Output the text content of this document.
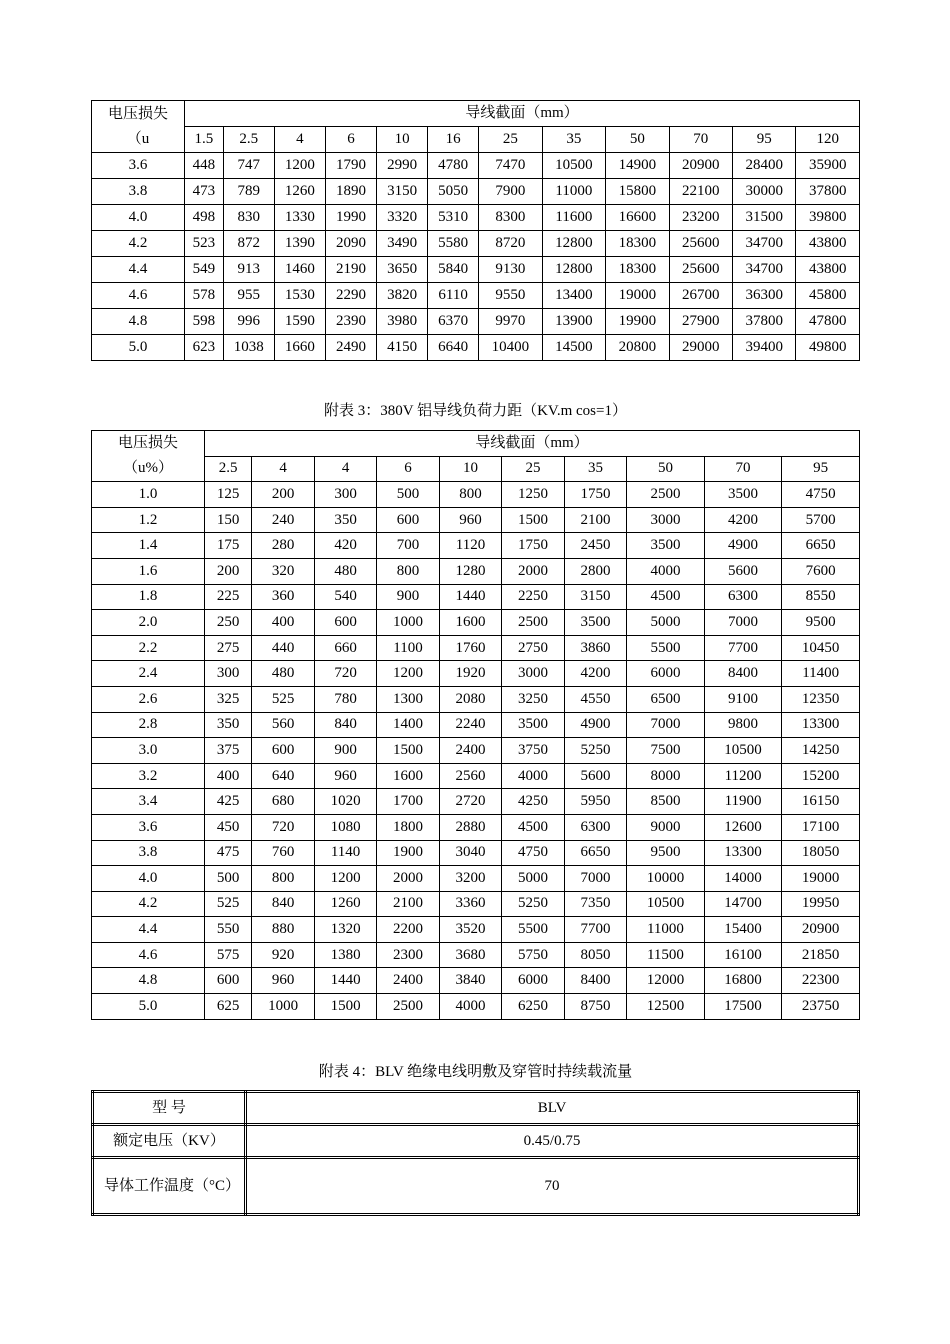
电压损失（u	导线截面（mm）											
	1.5	2.5	4	6	10	16	25	35	50	70	95	120
3.6	448	747	1200	1790	2990	4780	7470	10500	14900	20900	28400	35900
3.8	473	789	1260	1890	3150	5050	7900	11000	15800	22100	30000	37800
4.0	498	830	1330	1990	3320	5310	8300	11600	16600	23200	31500	39800
4.2	523	872	1390	2090	3490	5580	8720	12800	18300	25600	34700	43800
4.4	549	913	1460	2190	3650	5840	9130	12800	18300	25600	34700	43800
4.6	578	955	1530	2290	3820	6110	9550	13400	19000	26700	36300	45800
4.8	598	996	1590	2390	3980	6370	9970	13900	19900	27900	37800	47800
5.0	623	1038	1660	2490	4150	6640	10400	14500	20800	29000	39400	49800
附表 3：380V 铝导线负荷力距（KV.m cos=1）
电压损失（u%）	导线截面（mm）									
	2.5	4	4	6	10	25	35	50	70	95
1.0	125	200	300	500	800	1250	1750	2500	3500	4750
1.2	150	240	350	600	960	1500	2100	3000	4200	5700
1.4	175	280	420	700	1120	1750	2450	3500	4900	6650
1.6	200	320	480	800	1280	2000	2800	4000	5600	7600
1.8	225	360	540	900	1440	2250	3150	4500	6300	8550
2.0	250	400	600	1000	1600	2500	3500	5000	7000	9500
2.2	275	440	660	1100	1760	2750	3860	5500	7700	10450
2.4	300	480	720	1200	1920	3000	4200	6000	8400	11400
2.6	325	525	780	1300	2080	3250	4550	6500	9100	12350
2.8	350	560	840	1400	2240	3500	4900	7000	9800	13300
3.0	375	600	900	1500	2400	3750	5250	7500	10500	14250
3.2	400	640	960	1600	2560	4000	5600	8000	11200	15200
3.4	425	680	1020	1700	2720	4250	5950	8500	11900	16150
3.6	450	720	1080	1800	2880	4500	6300	9000	12600	17100
3.8	475	760	1140	1900	3040	4750	6650	9500	13300	18050
4.0	500	800	1200	2000	3200	5000	7000	10000	14000	19000
4.2	525	840	1260	2100	3360	5250	7350	10500	14700	19950
4.4	550	880	1320	2200	3520	5500	7700	11000	15400	20900
4.6	575	920	1380	2300	3680	5750	8050	11500	16100	21850
4.8	600	960	1440	2400	3840	6000	8400	12000	16800	22300
5.0	625	1000	1500	2500	4000	6250	8750	12500	17500	23750
附表 4：BLV 绝缘电线明敷及穿管时持续载流量
型 号	BLV
额定电压（KV）	0.45/0.75
导体工作温度（°C）	70
